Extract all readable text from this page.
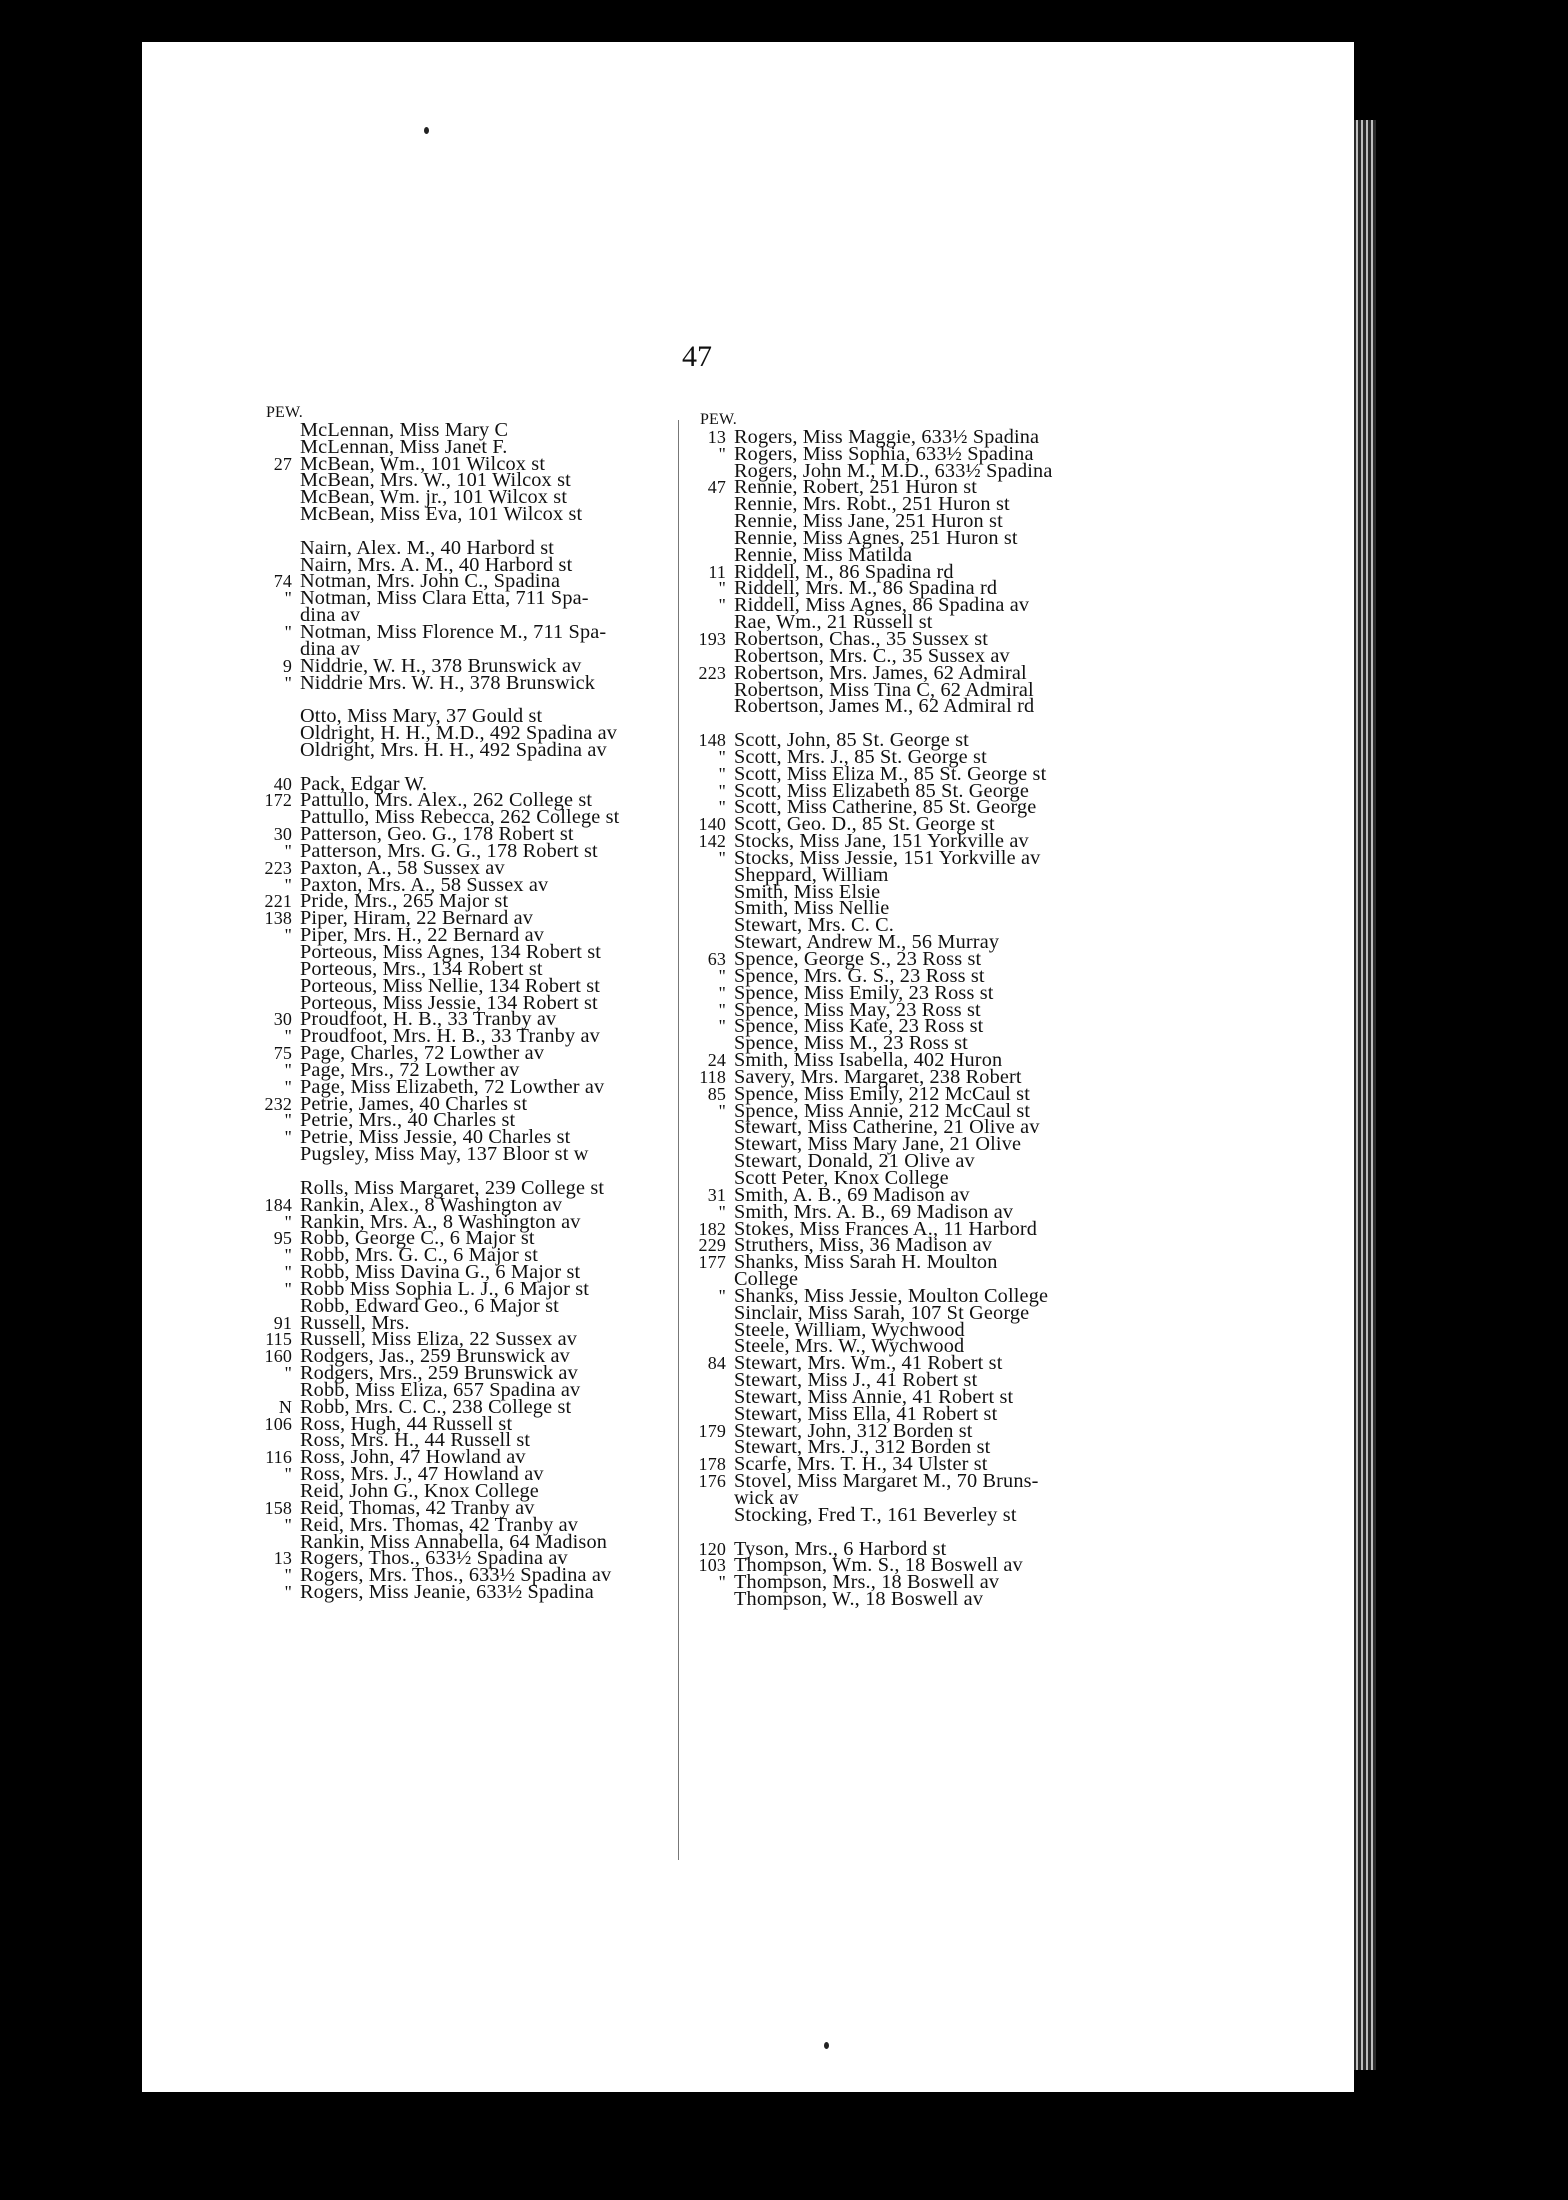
47
PEW.
McLennan, Miss Mary C
McLennan, Miss Janet F.
27 McBean, Wm., 101 Wilcox st
McBean, Mrs. W., 101 Wilcox st
McBean, Wm. jr., 101 Wilcox st
McBean, Miss Eva, 101 Wilcox st
Nairn, Alex. M., 40 Harbord st
Nairn, Mrs. A. M., 40 Harbord st
74 Notman, Mrs. John C., Spadina
" Notman, Miss Clara Etta, 711 Spa-
dina av
" Notman, Miss Florence M., 711 Spa-
dina av
9 Niddrie, W. H., 378 Brunswick av
" Niddrie Mrs. W. H., 378 Brunswick
Otto, Miss Mary, 37 Gould st
Oldright, H. H., M.D., 492 Spadina av
Oldright, Mrs. H. H., 492 Spadina av
40 Pack, Edgar W.
172 Pattullo, Mrs. Alex., 262 College st
Pattullo, Miss Rebecca, 262 College st
30 Patterson, Geo. G., 178 Robert st
" Patterson, Mrs. G. G., 178 Robert st
223 Paxton, A., 58 Sussex av
" Paxton, Mrs. A., 58 Sussex av
221 Pride, Mrs., 265 Major st
138 Piper, Hiram, 22 Bernard av
" Piper, Mrs. H., 22 Bernard av
Porteous, Miss Agnes, 134 Robert st
Porteous, Mrs., 134 Robert st
Porteous, Miss Nellie, 134 Robert st
Porteous, Miss Jessie, 134 Robert st
30 Proudfoot, H. B., 33 Tranby av
" Proudfoot, Mrs. H. B., 33 Tranby av
75 Page, Charles, 72 Lowther av
" Page, Mrs., 72 Lowther av
" Page, Miss Elizabeth, 72 Lowther av
232 Petrie, James, 40 Charles st
" Petrie, Mrs., 40 Charles st
" Petrie, Miss Jessie, 40 Charles st
Pugsley, Miss May, 137 Bloor st w
Rolls, Miss Margaret, 239 College st
184 Rankin, Alex., 8 Washington av
" Rankin, Mrs. A., 8 Washington av
95 Robb, George C., 6 Major st
" Robb, Mrs. G. C., 6 Major st
" Robb, Miss Davina G., 6 Major st
" Robb Miss Sophia L. J., 6 Major st
Robb, Edward Geo., 6 Major st
91 Russell, Mrs.
115 Russell, Miss Eliza, 22 Sussex av
160 Rodgers, Jas., 259 Brunswick av
" Rodgers, Mrs., 259 Brunswick av
Robb, Miss Eliza, 657 Spadina av
N Robb, Mrs. C. C., 238 College st
106 Ross, Hugh, 44 Russell st
Ross, Mrs. H., 44 Russell st
116 Ross, John, 47 Howland av
" Ross, Mrs. J., 47 Howland av
Reid, John G., Knox College
158 Reid, Thomas, 42 Tranby av
" Reid, Mrs. Thomas, 42 Tranby av
Rankin, Miss Annabella, 64 Madison
13 Rogers, Thos., 633½ Spadina av
" Rogers, Mrs. Thos., 633½ Spadina av
" Rogers, Miss Jeanie, 633½ Spadina
PEW.
13 Rogers, Miss Maggie, 633½ Spadina
" Rogers, Miss Sophia, 633½ Spadina
Rogers, John M., M.D., 633½ Spadina
47 Rennie, Robert, 251 Huron st
Rennie, Mrs. Robt., 251 Huron st
Rennie, Miss Jane, 251 Huron st
Rennie, Miss Agnes, 251 Huron st
Rennie, Miss Matilda
11 Riddell, M., 86 Spadina rd
" Riddell, Mrs. M., 86 Spadina rd
" Riddell, Miss Agnes, 86 Spadina av
Rae, Wm., 21 Russell st
193 Robertson, Chas., 35 Sussex st
Robertson, Mrs. C., 35 Sussex av
223 Robertson, Mrs. James, 62 Admiral
Robertson, Miss Tina C, 62 Admiral
Robertson, James M., 62 Admiral rd
148 Scott, John, 85 St. George st
" Scott, Mrs. J., 85 St. George st
" Scott, Miss Eliza M., 85 St. George st
" Scott, Miss Elizabeth 85 St. George
" Scott, Miss Catherine, 85 St. George
140 Scott, Geo. D., 85 St. George st
142 Stocks, Miss Jane, 151 Yorkville av
" Stocks, Miss Jessie, 151 Yorkville av
Sheppard, William
Smith, Miss Elsie
Smith, Miss Nellie
Stewart, Mrs. C. C.
Stewart, Andrew M., 56 Murray
63 Spence, George S., 23 Ross st
" Spence, Mrs. G. S., 23 Ross st
" Spence, Miss Emily, 23 Ross st
" Spence, Miss May, 23 Ross st
" Spence, Miss Kate, 23 Ross st
Spence, Miss M., 23 Ross st
24 Smith, Miss Isabella, 402 Huron
118 Savery, Mrs. Margaret, 238 Robert
85 Spence, Miss Emily, 212 McCaul st
" Spence, Miss Annie, 212 McCaul st
Stewart, Miss Catherine, 21 Olive av
Stewart, Miss Mary Jane, 21 Olive
Stewart, Donald, 21 Olive av
Scott Peter, Knox College
31 Smith, A. B., 69 Madison av
" Smith, Mrs. A. B., 69 Madison av
182 Stokes, Miss Frances A., 11 Harbord
229 Struthers, Miss, 36 Madison av
177 Shanks, Miss Sarah H. Moulton
College
" Shanks, Miss Jessie, Moulton College
Sinclair, Miss Sarah, 107 St George
Steele, William, Wychwood
Steele, Mrs. W., Wychwood
84 Stewart, Mrs. Wm., 41 Robert st
Stewart, Miss J., 41 Robert st
Stewart, Miss Annie, 41 Robert st
Stewart, Miss Ella, 41 Robert st
179 Stewart, John, 312 Borden st
Stewart, Mrs. J., 312 Borden st
178 Scarfe, Mrs. T. H., 34 Ulster st
176 Stovel, Miss Margaret M., 70 Bruns-
wick av
Stocking, Fred T., 161 Beverley st
120 Tyson, Mrs., 6 Harbord st
103 Thompson, Wm. S., 18 Boswell av
" Thompson, Mrs., 18 Boswell av
Thompson, W., 18 Boswell av
